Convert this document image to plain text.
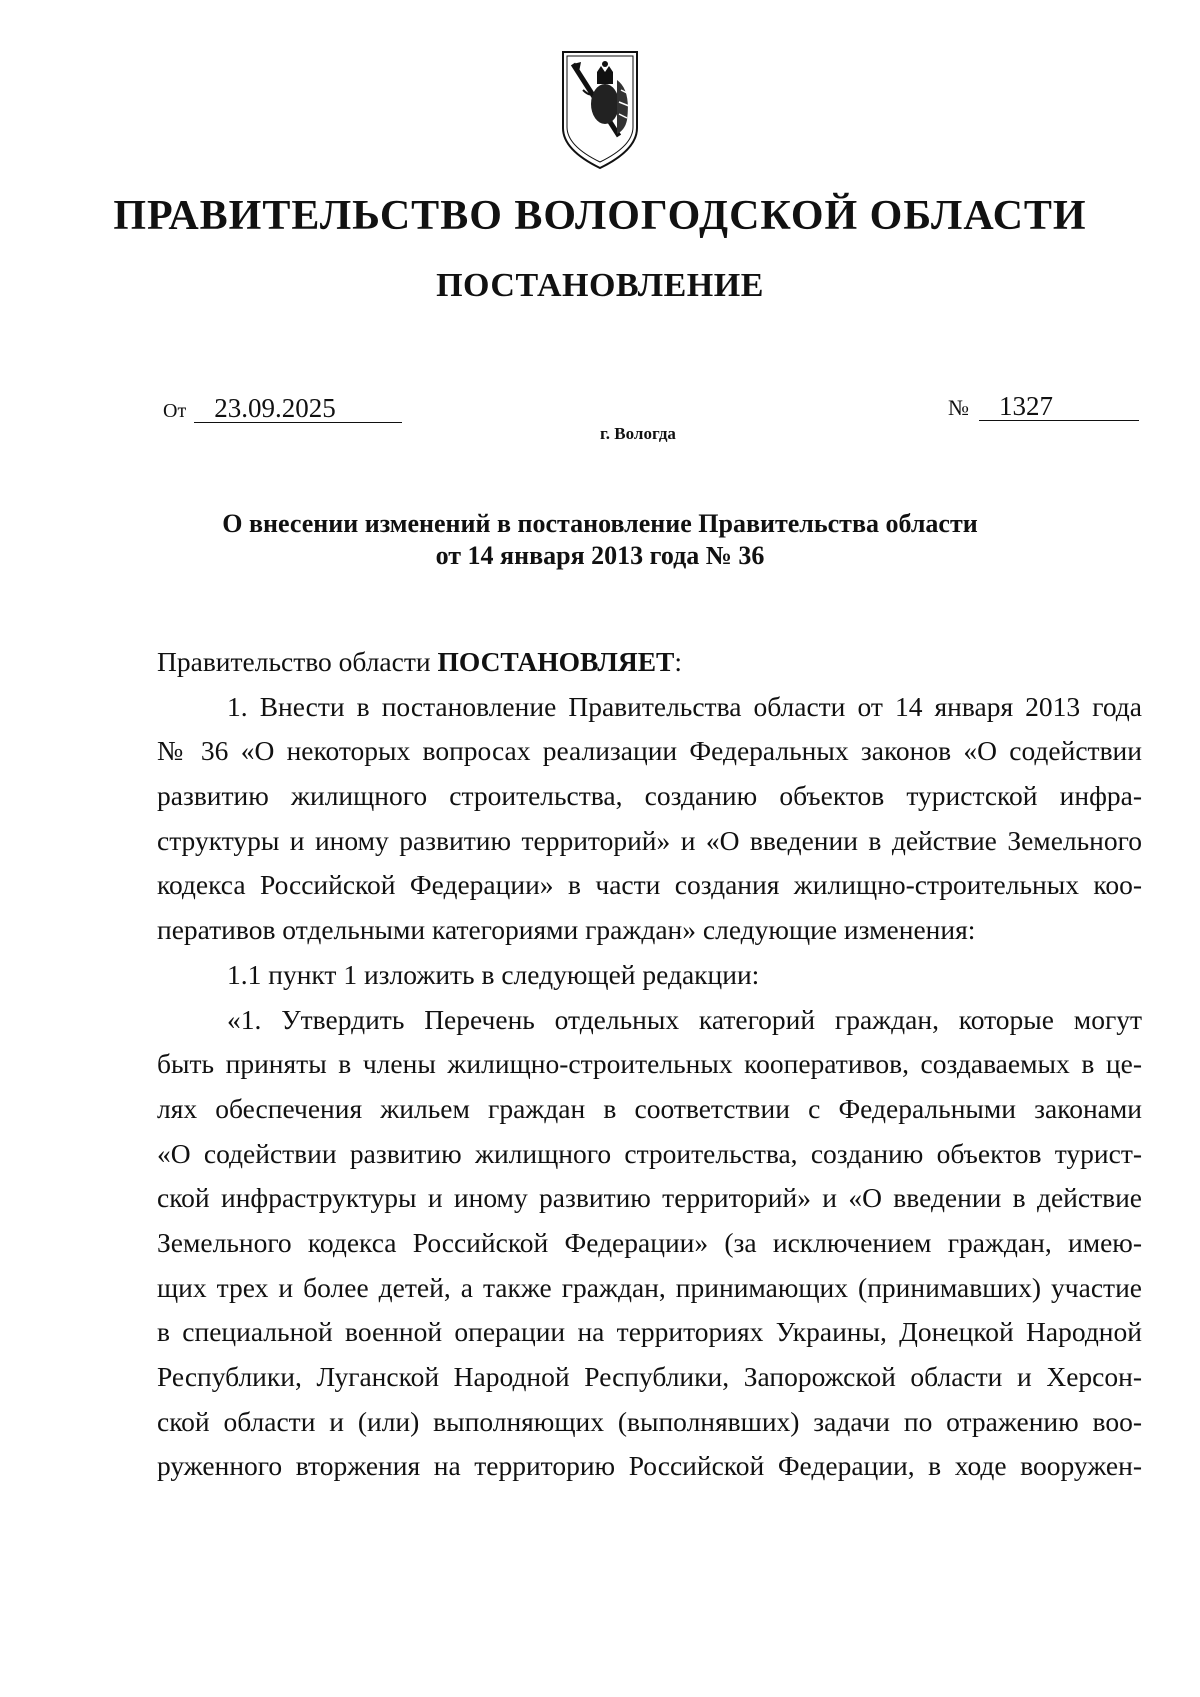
ПРАВИТЕЛЬСТВО ВОЛОГОДСКОЙ ОБЛАСТИ
ПОСТАНОВЛЕНИЕ
От 23.09.2025	№ 1327
г. Вологда
О внесении изменений в постановление Правительства области
от 14 января 2013 года № 36
Правительство области ПОСТАНОВЛЯЕТ:
1. Внести в постановление Правительства области от 14 января 2013 года
№ 36 «О некоторых вопросах реализации Федеральных законов «О содействии
развитию жилищного строительства, созданию объектов туристской инфра-
структуры и иному развитию территорий» и «О введении в действие Земельного
кодекса Российской Федерации» в части создания жилищно-строительных коо-
перативов отдельными категориями граждан» следующие изменения:
1.1 пункт 1 изложить в следующей редакции:
«1. Утвердить Перечень отдельных категорий граждан, которые могут
быть приняты в члены жилищно-строительных кооперативов, создаваемых в це-
лях обеспечения жильем граждан в соответствии с Федеральными законами
«О содействии развитию жилищного строительства, созданию объектов турист-
ской инфраструктуры и иному развитию территорий» и «О введении в действие
Земельного кодекса Российской Федерации» (за исключением граждан, имею-
щих трех и более детей, а также граждан, принимающих (принимавших) участие
в специальной военной операции на территориях Украины, Донецкой Народной
Республики, Луганской Народной Республики, Запорожской области и Херсон-
ской области и (или) выполняющих (выполнявших) задачи по отражению воо-
руженного вторжения на территорию Российской Федерации, в ходе вооружен-
